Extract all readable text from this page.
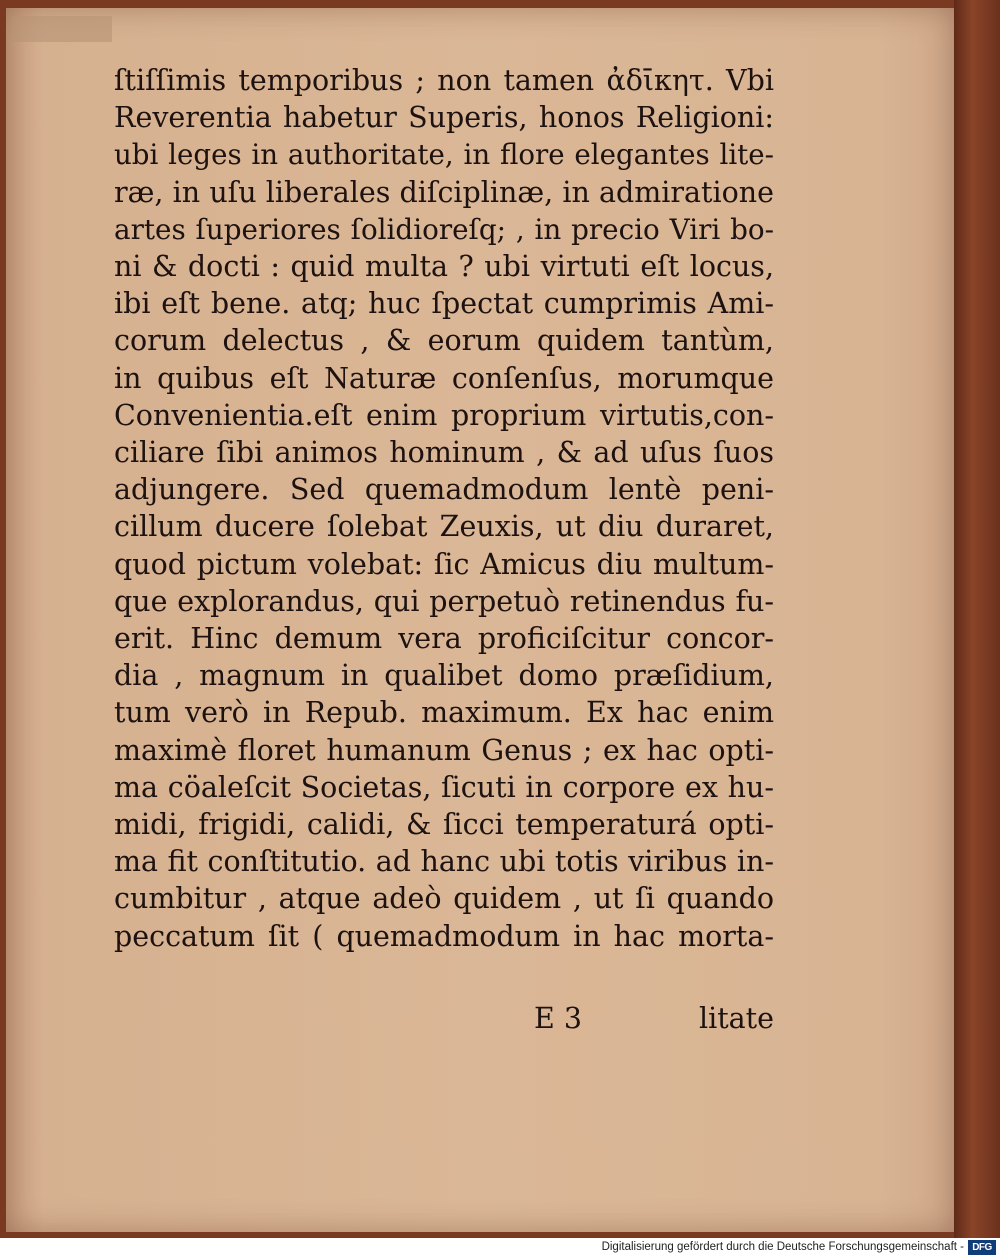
ſtiſſimis temporibus ; non tamen ἀδῑκητ. Vbi
Reverentia habetur Superis, honos Religioni:
ubi leges in authoritate, in flore elegantes lite-
ræ, in uſu liberales diſciplinæ, in admiratione
artes ſuperiores ſolidioreſq; , in precio Viri bo-
ni & docti : quid multa ? ubi virtuti eſt locus,
ibi eſt bene. atq; huc ſpectat cumprimis Ami-
corum delectus , & eorum quidem tantùm,
in quibus eſt Naturæ conſenſus, morumque
Convenientia.eſt enim proprium virtutis,con-
ciliare ſibi animos hominum , & ad uſus ſuos
adjungere. Sed quemadmodum lentè peni-
cillum ducere ſolebat Zeuxis, ut diu duraret,
quod pictum volebat: ſic Amicus diu multum-
que explorandus, qui perpetuò retinendus fu-
erit. Hinc demum vera proficiſcitur concor-
dia , magnum in qualibet domo præſidium,
tum verò in Repub. maximum. Ex hac enim
maximè floret humanum Genus ; ex hac opti-
ma cöaleſcit Societas, ſicuti in corpore ex hu-
midi, frigidi, calidi, & ſicci temperaturá opti-
ma fit conſtitutio. ad hanc ubi totis viribus in-
cumbitur , atque adeò quidem , ut ſi quando
peccatum ſit ( quemadmodum in hac morta-
E 3	litate
Digitalisierung gefördert durch die Deutsche Forschungsgemeinschaft - DFG
